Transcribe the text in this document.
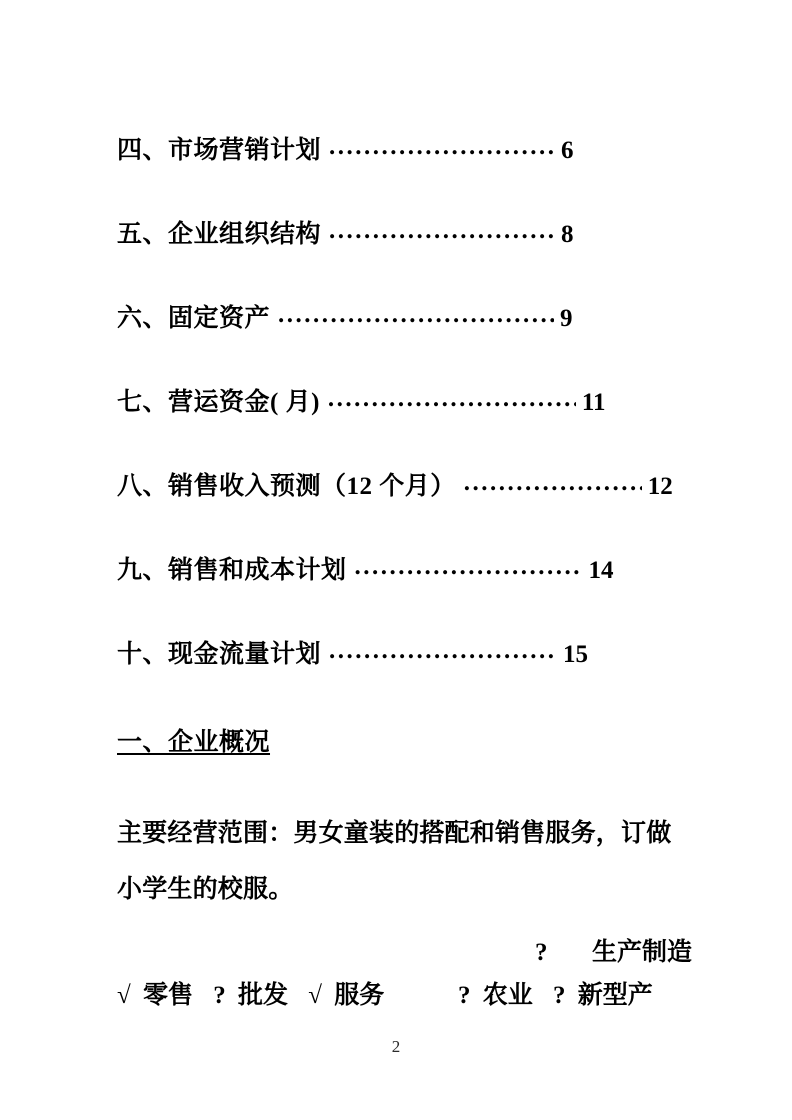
四、市场营销计划 .....	6
五、企业组织结构 .....	8
六、固定资产 .....	9
七、营运资金( 月) .....	11
八、销售收入预测（12 个月） .....	12
九、销售和成本计划 .....	14
十、现金流量计划 .....	15
一、企业概况
主要经营范围：男女童装的搭配和销售服务，订做小学生的校服。
? 生产制造
√ 零售 ? 批发 √ 服务	? 农业 ? 新型产
2
